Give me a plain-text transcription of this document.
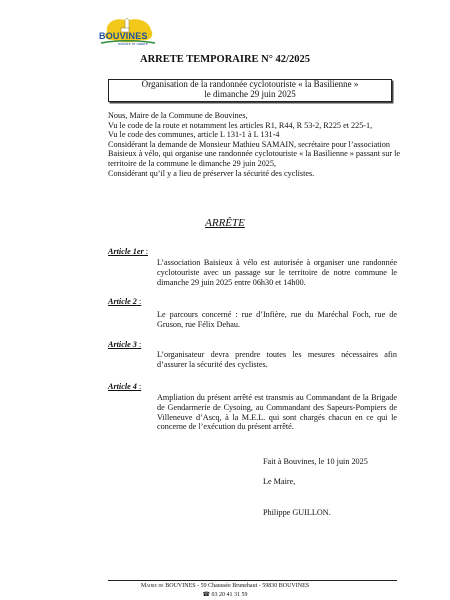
BOUVINES
histoire et nature
ARRETE TEMPORAIRE N° 42/2025
Organisation de la randonnée cyclotouriste « la Basilienne »
le dimanche 29 juin 2025

Nous, Maire de la Commune de Bouvines,

Vu le code de la route et notamment les articles R1, R44, R 53-2, R225 et 225-1,

Vu le code des communes, article L 131-1 à L 131-4

Considérant la demande de Monsieur Mathieu SAMAIN, secrétaire pour l’association Baisieux à vélo, qui organise une randonnée cyclotouriste « la Basilienne » passant sur le territoire de la commune le dimanche 29 juin 2025,

Considérant qu’il y a lieu de préserver la sécurité des cyclistes.

ARRÊTE
Article 1er :
L’association Baisieux à vélo est autorisée à organiser une randonnée cyclotouriste avec un passage sur le territoire de notre commune le dimanche 29 juin 2025 entre 06h30 et 14h00.
Article 2 :
Le parcours concerné : rue d’Infière, rue du Maréchal Foch, rue de Gruson, rue Félix Dehau.
Article 3 :
L’organisateur devra prendre toutes les mesures nécessaires afin d’assurer la sécurité des cyclistes.
Article 4 :
Ampliation du présent arrêté est transmis au Commandant de la Brigade de Gendarmerie de Cysoing, au Commandant des Sapeurs-Pompiers de Villeneuve d’Ascq, à la M.E.L. qui sont chargés chacun en ce qui le concerne de l’exécution du présent arrêté.
Fait à Bouvines, le 10 juin 2025
Le Maire,
Philippe GUILLON.
Mairie de BOUVINES - 59 Chaussée Brunehaut - 59830 BOUVINES
☎ 03 20 41 31 59
